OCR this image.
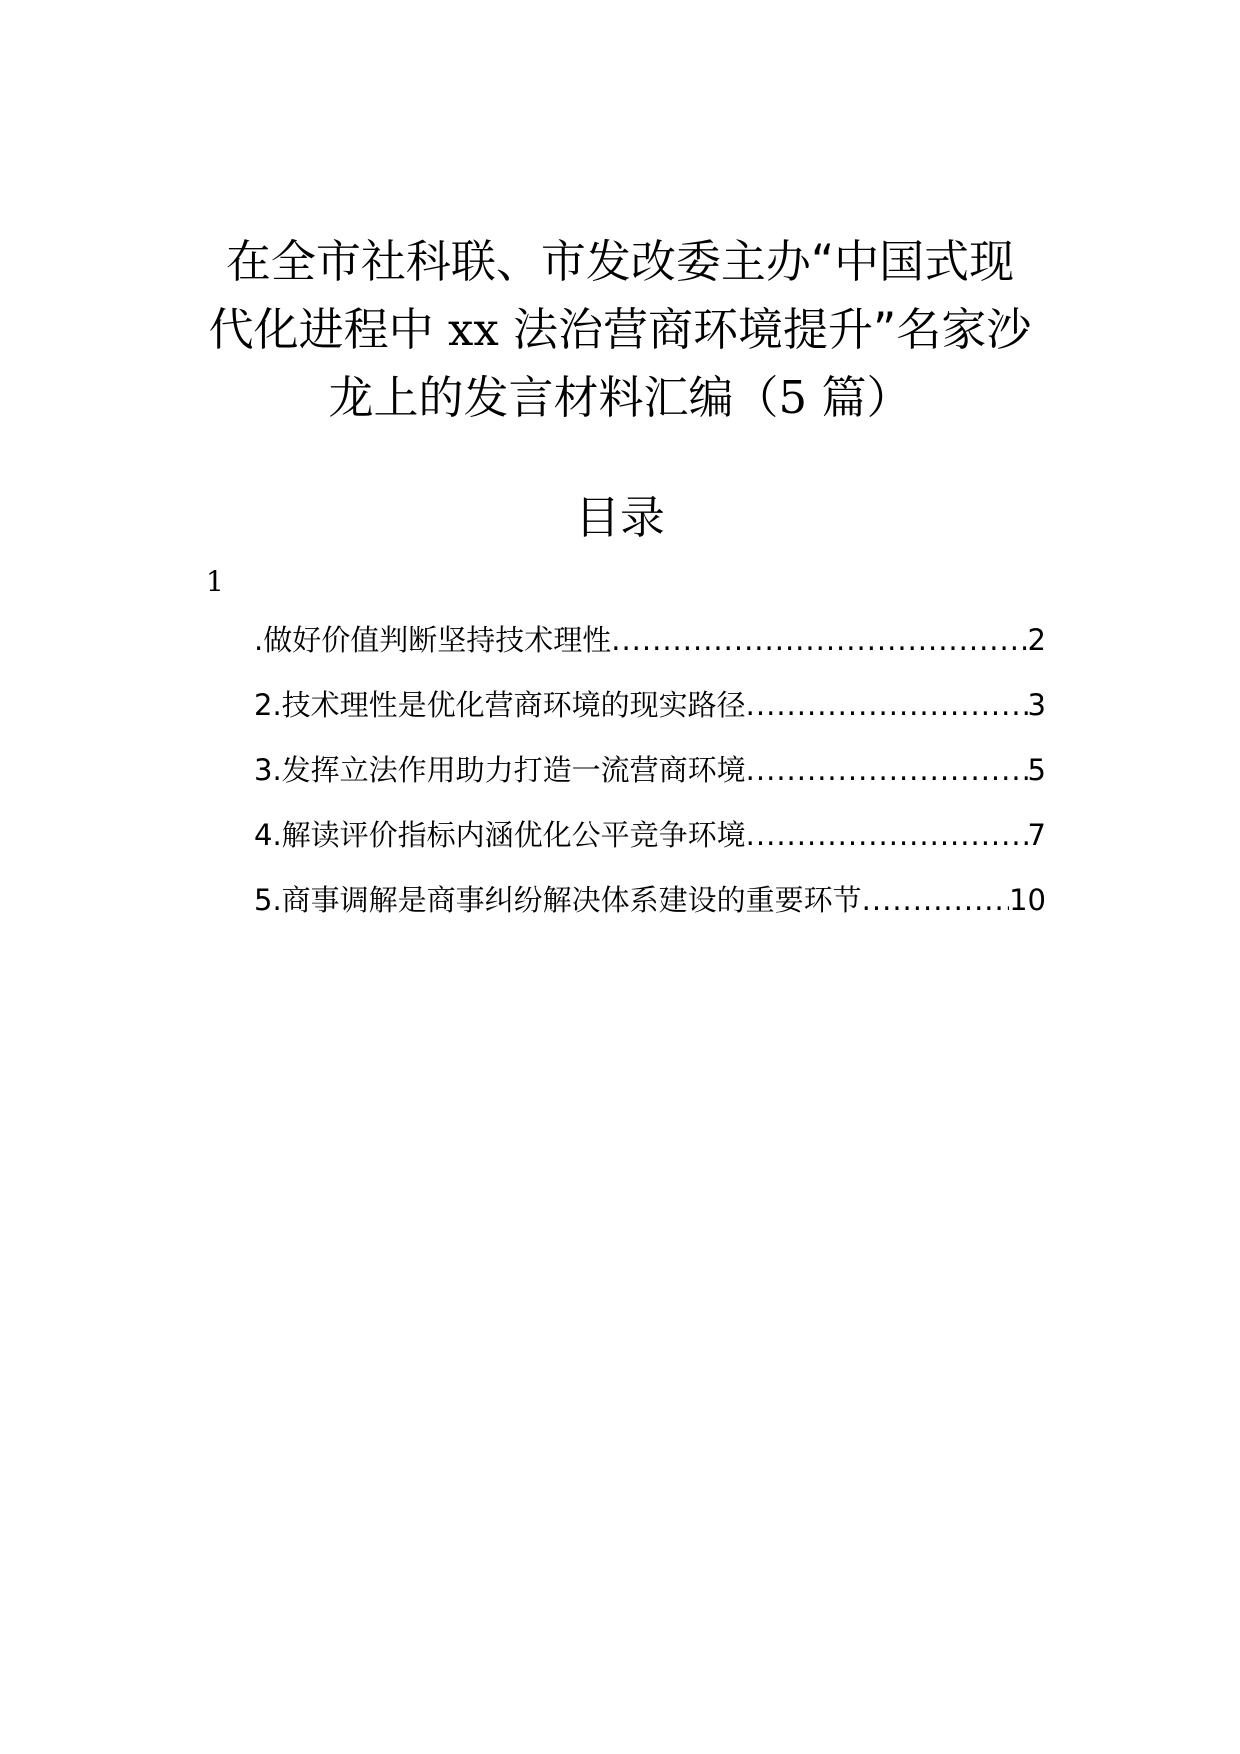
在全市社科联、市发改委主办“中国式现
代化进程中 xx 法治营商环境提升”名家沙
龙上的发言材料汇编（5 篇）
目录
1
.做好价值判断坚持技术理性 .....	2
2.技术理性是优化营商环境的现实路径 .....	3
3.发挥立法作用助力打造一流营商环境 .....	5
4.解读评价指标内涵优化公平竞争环境 .....	7
5.商事调解是商事纠纷解决体系建设的重要环节 .....	10
